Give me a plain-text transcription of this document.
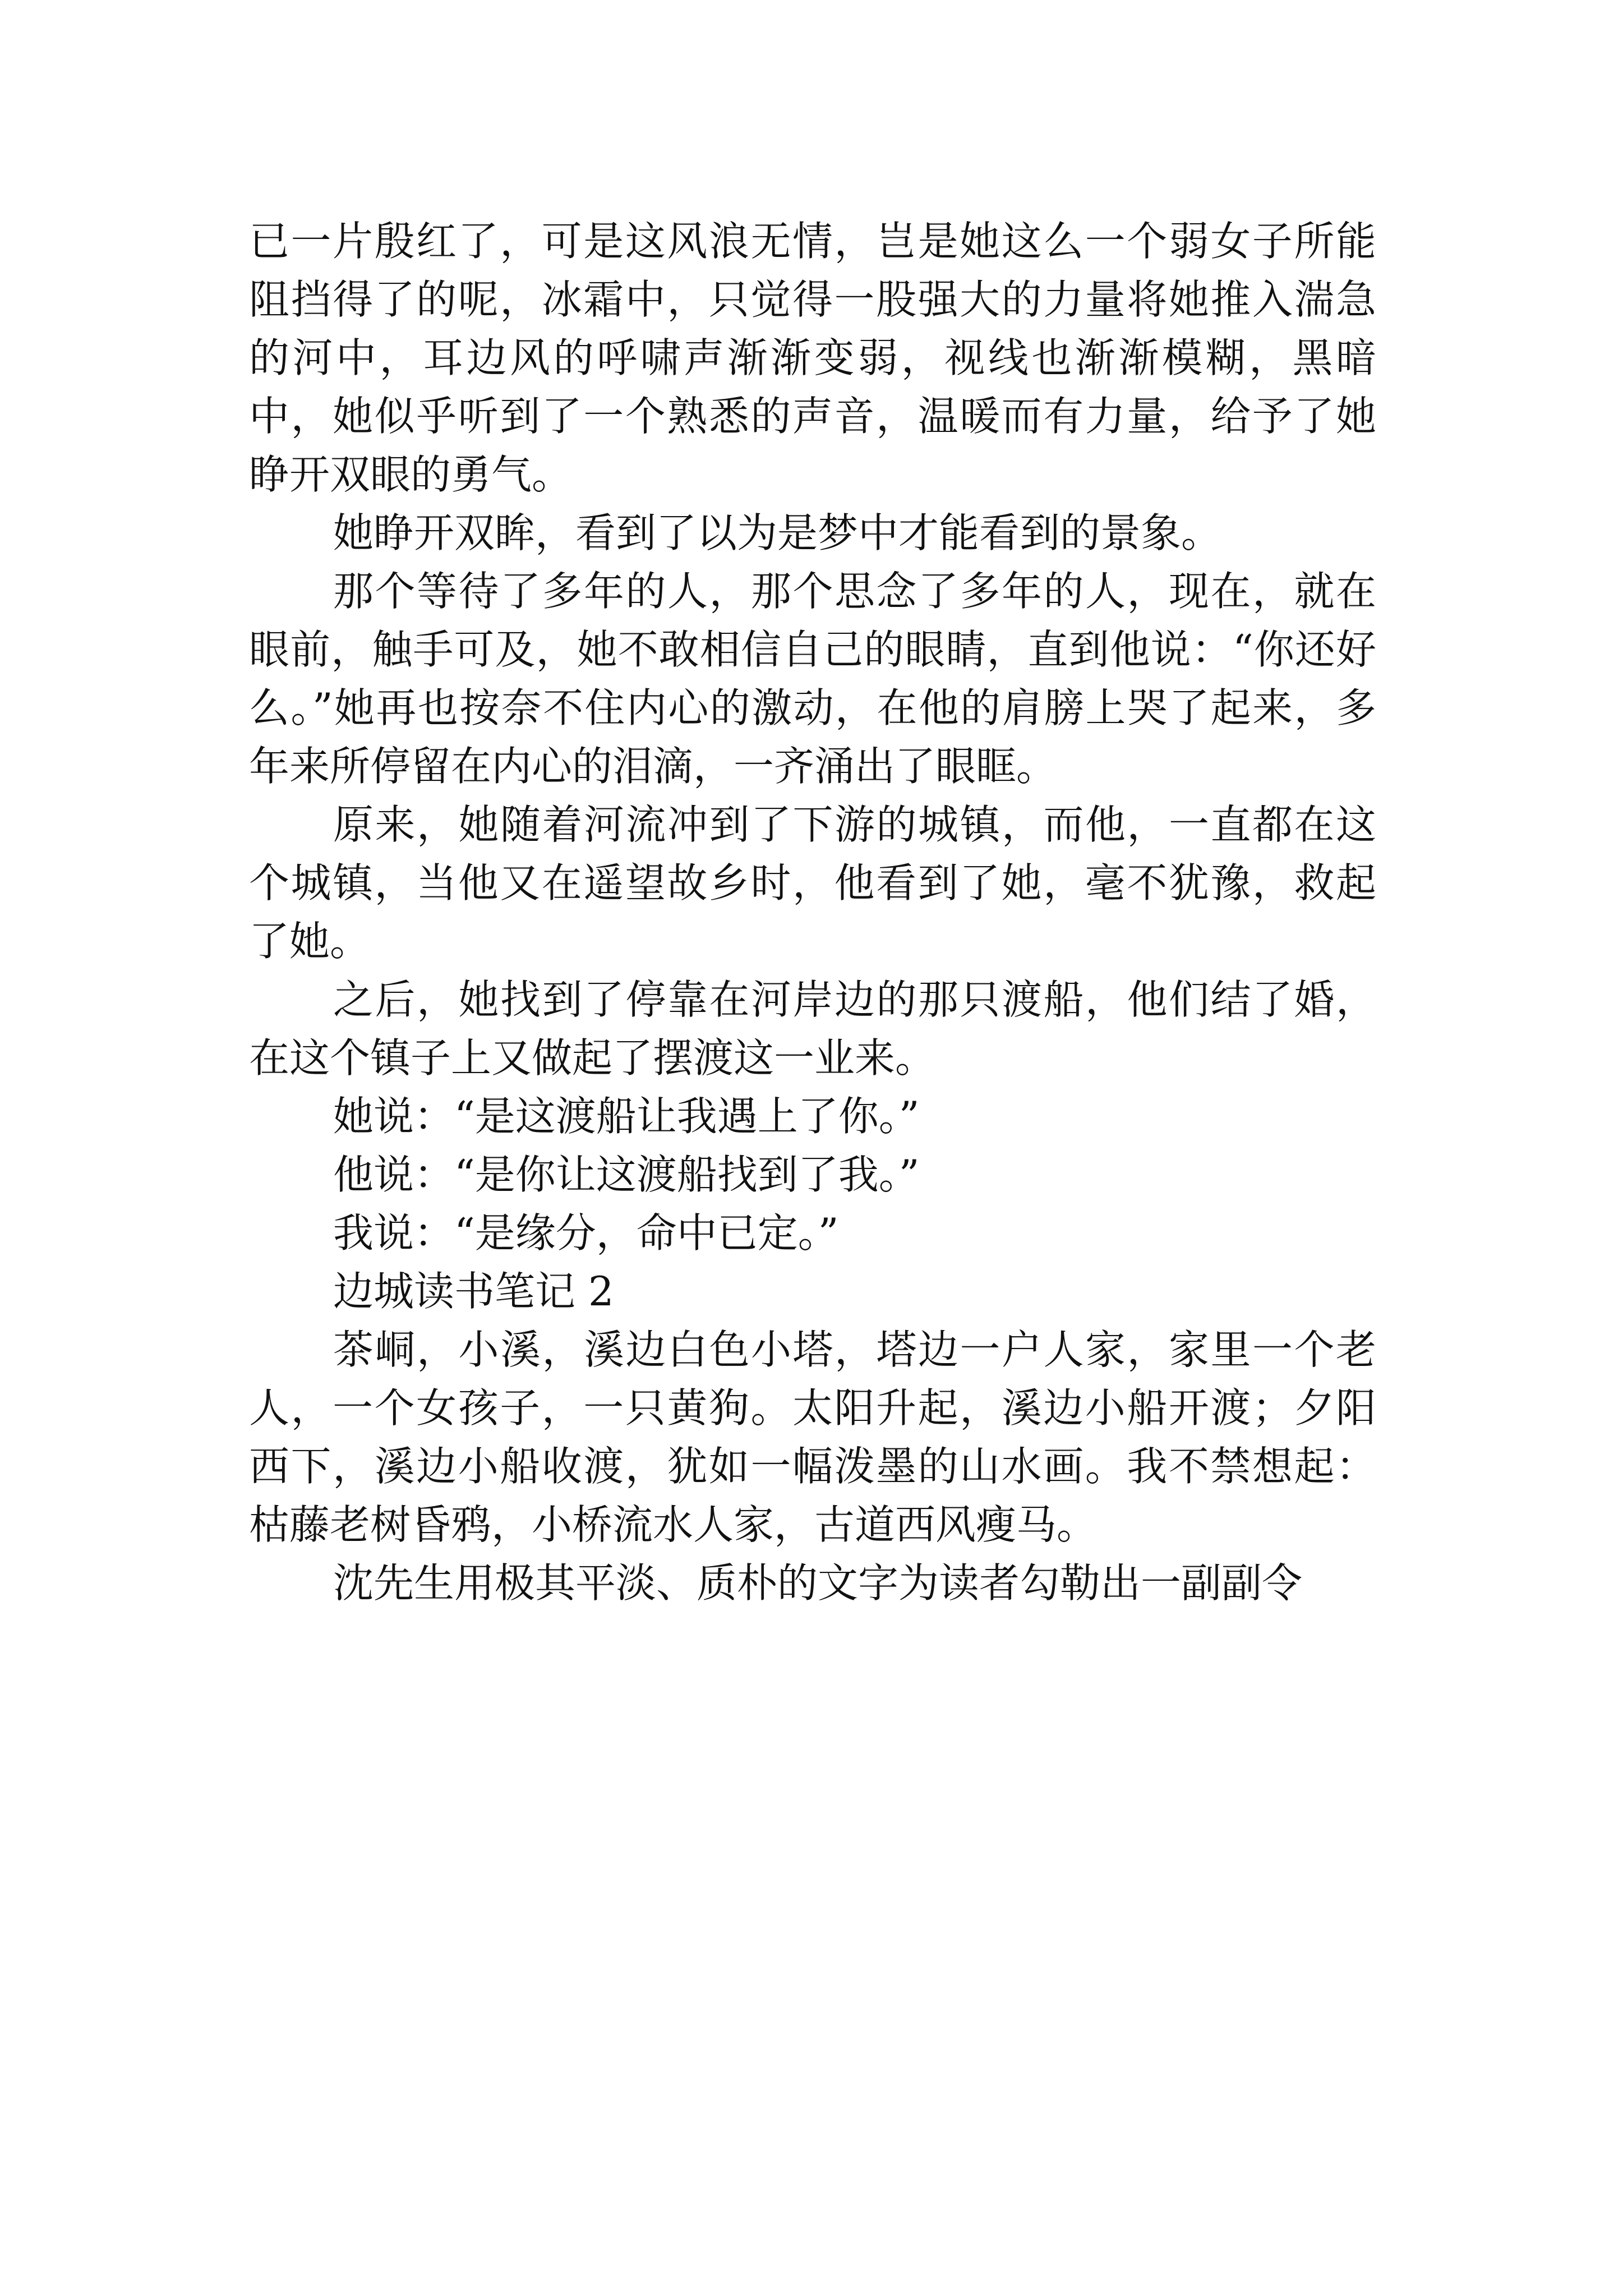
已一片殷红了，可是这风浪无情，岂是她这么一个弱女子所能阻挡得了的呢，冰霜中，只觉得一股强大的力量将她推入湍急的河中，耳边风的呼啸声渐渐变弱，视线也渐渐模糊，黑暗中，她似乎听到了一个熟悉的声音，温暖而有力量，给予了她睁开双眼的勇气。

她睁开双眸，看到了以为是梦中才能看到的景象。

那个等待了多年的人，那个思念了多年的人，现在，就在眼前，触手可及，她不敢相信自己的眼睛，直到他说：“你还好么。”她再也按奈不住内心的激动，在他的肩膀上哭了起来，多年来所停留在内心的泪滴，一齐涌出了眼眶。

原来，她随着河流冲到了下游的城镇，而他，一直都在这个城镇，当他又在遥望故乡时，他看到了她，毫不犹豫，救起了她。

之后，她找到了停靠在河岸边的那只渡船，他们结了婚，在这个镇子上又做起了摆渡这一业来。

她说：“是这渡船让我遇上了你。”

他说：“是你让这渡船找到了我。”

我说：“是缘分，命中已定。”

边城读书笔记 2

茶峒，小溪，溪边白色小塔，塔边一户人家，家里一个老人，一个女孩子，一只黄狗。太阳升起，溪边小船开渡；夕阳西下，溪边小船收渡，犹如一幅泼墨的山水画。我不禁想起：枯藤老树昏鸦，小桥流水人家，古道西风瘦马。

沈先生用极其平淡、质朴的文字为读者勾勒出一副副令
